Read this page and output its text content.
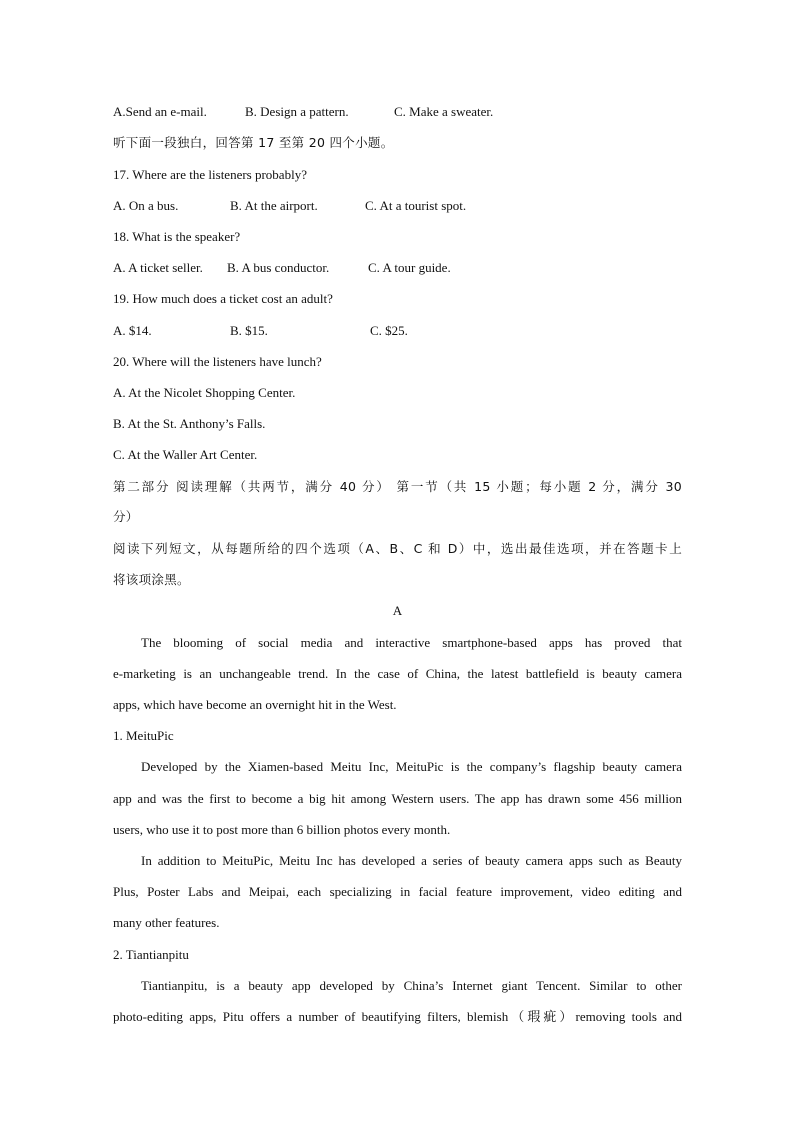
A.Send an e-mail.	B. Design a pattern.	C. Make a sweater.
听下面一段独白，回答第 17 至第 20 四个小题。
17. Where are the listeners probably?
A. On a bus.	B. At the airport.	C. At a tourist spot.
18. What is the speaker?
A. A ticket seller. B. A bus conductor.	C. A tour guide.
19. How much does a ticket cost an adult?
A. $14.	B. $15.	C. $25.
20. Where will the listeners have lunch?
A. At the Nicolet Shopping Center.
B. At the St. Anthony’s Falls.
C. At the Waller Art Center.
第二部分 阅读理解（共两节，满分 40 分） 第一节（共 15 小题；每小题 2 分，满分 30
分）
阅读下列短文，从每题所给的四个选项（A、B、C 和 D）中，选出最佳选项，并在答题卡上
将该项涂黑。
A
The blooming of social media and interactive smartphone-based apps has proved that
e-marketing is an unchangeable trend. In the case of China, the latest battlefield is beauty camera
apps, which have become an overnight hit in the West.
1. MeituPic
Developed by the Xiamen-based Meitu Inc, MeituPic is the company’s flagship beauty camera
app and was the first to become a big hit among Western users. The app has drawn some 456 million
users, who use it to post more than 6 billion photos every month.
In addition to MeituPic, Meitu Inc has developed a series of beauty camera apps such as Beauty
Plus, Poster Labs and Meipai, each specializing in facial feature improvement, video editing and
many other features.
2. Tiantianpitu
Tiantianpitu, is a beauty app developed by China’s Internet giant Tencent. Similar to other
photo-editing apps, Pitu offers a number of beautifying filters, blemish（瑕疵）removing tools and
